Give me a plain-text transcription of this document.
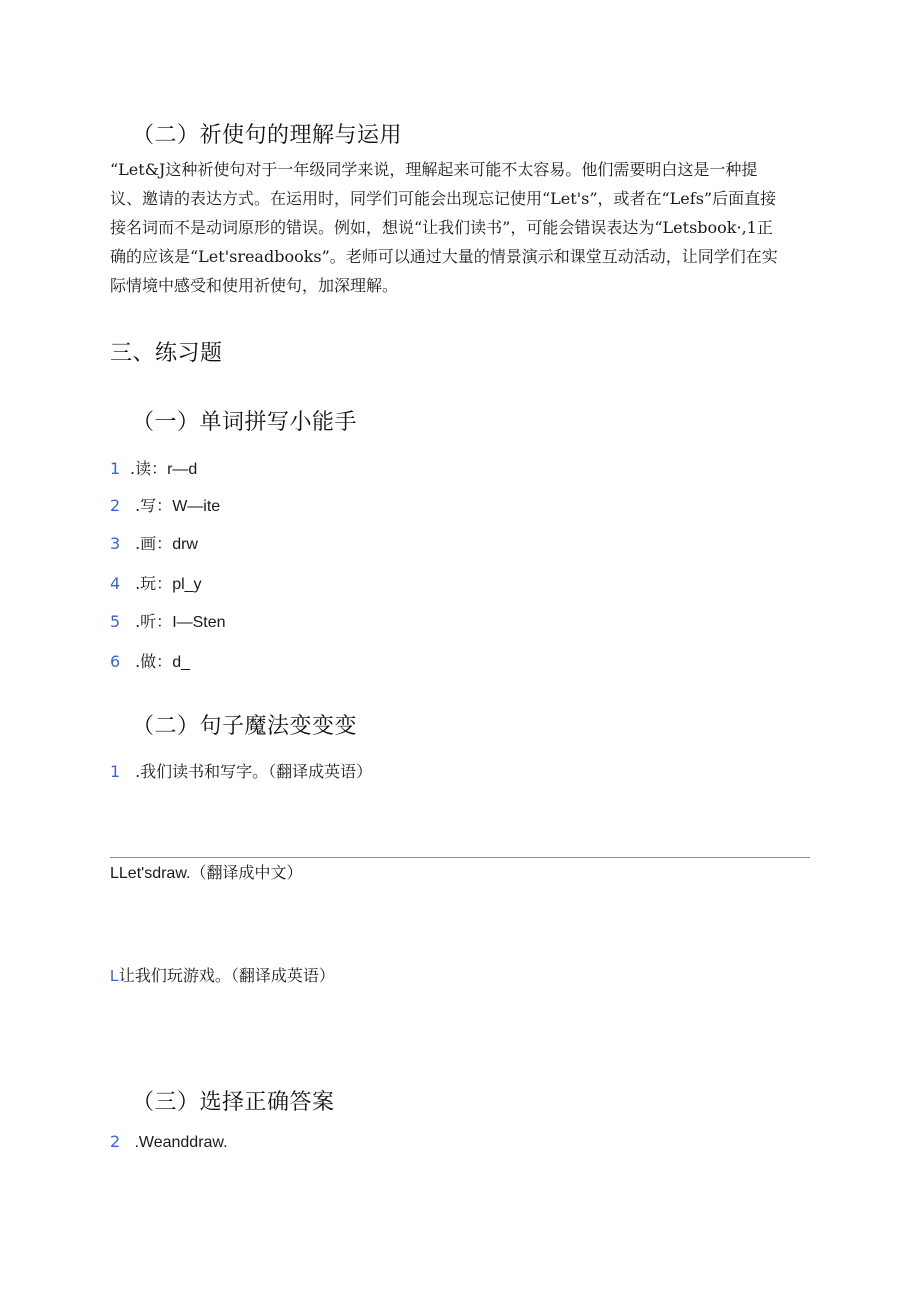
（二）祈使句的理解与运用
“Let&J这种祈使句对于一年级同学来说，理解起来可能不太容易。他们需要明白这是一种提
议、邀请的表达方式。在运用时，同学们可能会出现忘记使用“Let's”，或者在“Lefs”后面直接
接名词而不是动词原形的错误。例如，想说“让我们读书”，可能会错误表达为“Letsbook·,1正
确的应该是“Let'sreadbooks”。老师可以通过大量的情景演示和课堂互动活动，让同学们在实
际情境中感受和使用祈使句，加深理解。
三、练习题
（一）单词拼写小能手
1 .读：r—d
2 .写：W—ite
3 .画：drw
4 .玩：pl_y
5 .听：I—Sten
6 .做：d_
（二）句子魔法变变变
1 .我们读书和写字。（翻译成英语）
LLet'sdraw.（翻译成中文）
L让我们玩游戏。（翻译成英语）
（三）选择正确答案
2 .Weanddraw.
